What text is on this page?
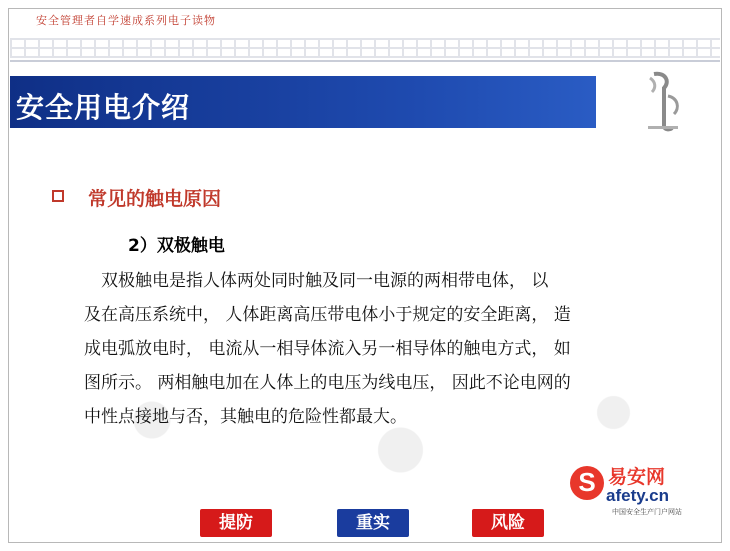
安全管理者自学速成系列电子读物
安全用电介绍
常见的触电原因
2）双极触电
　双极触电是指人体两处同时触及同一电源的两相带电体， 以
及在高压系统中， 人体距离高压带电体小于规定的安全距离， 造
成电弧放电时， 电流从一相导体流入另一相导体的触电方式， 如
图所示。 两相触电加在人体上的电压为线电压， 因此不论电网的
中性点接地与否，其触电的危险性都最大。
S 易安网
afety.cn
中国安全生产门户网站
提防	重实	风险
